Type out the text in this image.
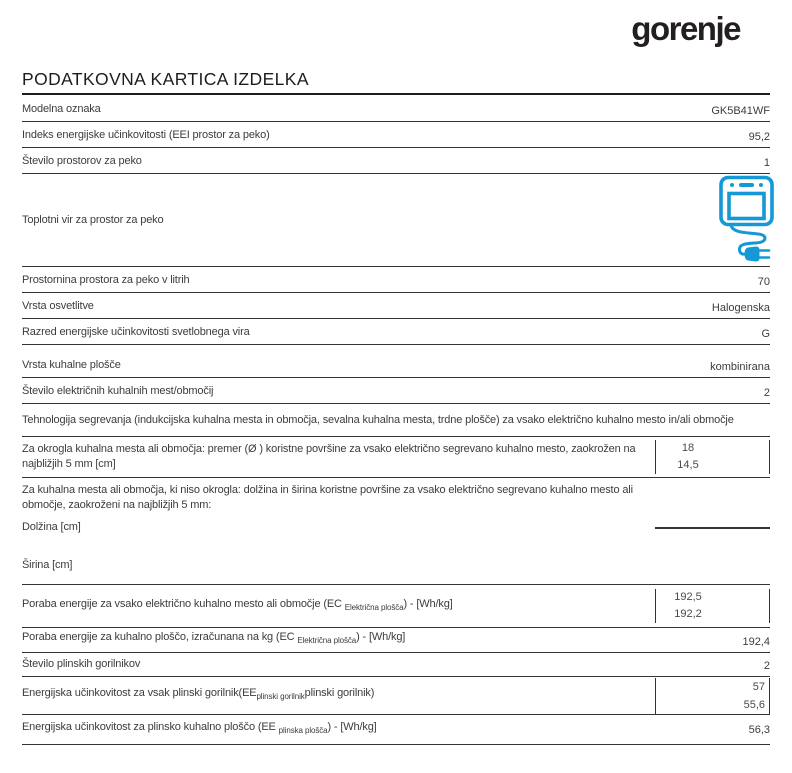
gorenje
PODATKOVNA KARTICA IZDELKA
Modelna oznaka	GK5B41WF
Indeks energijske učinkovitosti (EEI prostor za peko)	95,2
Število prostorov za peko	1
Toplotni vir za prostor za peko
Prostornina prostora za peko v litrih	70
Vrsta osvetlitve	Halogenska
Razred energijske učinkovitosti svetlobnega vira	G
Vrsta kuhalne plošče	kombinirana
Število električnih kuhalnih mest/območij	2
Tehnologija segrevanja (indukcijska kuhalna mesta in območja, sevalna kuhalna mesta, trdne plošče) za vsako električno kuhalno mesto in/ali območje
Za okrogla kuhalna mesta ali območja: premer (Ø ) koristne površine za vsako električno segrevano kuhalno mesto, zaokrožen na najbližjih 5 mm [cm]
18
14,5
Za kuhalna mesta ali območja, ki niso okrogla: dolžina in širina koristne površine za vsako električno segrevano kuhalno mesto ali območje, zaokroženi na najbližjih 5 mm:
Dolžina [cm]
Širina [cm]
Poraba energije za vsako električno kuhalno mesto ali območje (EC $_{Električna plošča}$) - [Wh/kg]
192,5
192,2
Poraba energije za kuhalno ploščo, izračunana na kg (EC $_{Električna plošča}$) - [Wh/kg]	192,4
Število plinskih gorilnikov	2
Energijska učinkovitost za vsak plinski $gorilnik(EE_{plinski gorilnik}plinski$ gorilnik)
57
55,6
Energijska učinkovitost za plinsko kuhalno ploščo (EE $_{plinska plošča}$) - [Wh/kg]	56,3
